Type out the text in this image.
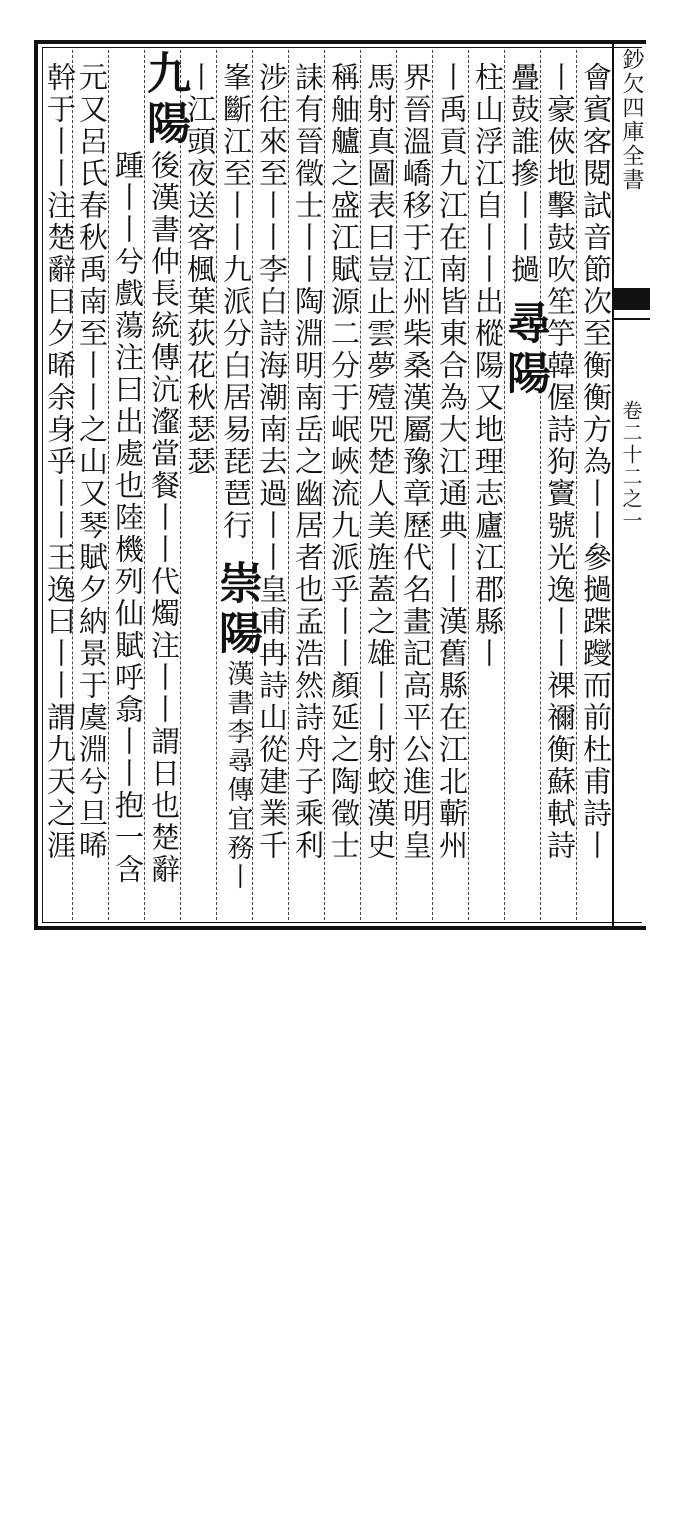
鈔欠四庫全書
卷二十二之一
會賓客閱試音節次至衡衡方為丨丨參撾蹀躞而前杜甫詩丨
丨豪俠地擊鼓吹笙竽韓偓詩狗竇號光逸丨丨祼禰衡蘇軾詩
疊鼓誰摻丨丨撾
尋陽
柱山浮江自丨丨出樅陽又地理志廬江郡縣丨
丨禹貢九江在南皆東合為大江通典丨丨漢舊縣在江北蘄州
界晉溫嶠移于江州柴桑漢屬豫章歷代名畫記高平公進明皇
馬射真圖表曰豈止雲夢殪兕楚人美旌蓋之雄丨丨射蛟漢史
稱舳艫之盛江賦源二分于岷峽流九派乎丨丨顏延之陶徵士
誄有晉徵士丨丨陶淵明南岳之幽居者也孟浩然詩舟子乘利
涉往來至丨丨李白詩海潮南去過丨丨皇甫冉詩山從建業千
峯斷江至丨丨九派分白居易琵琶行
崇陽
丨江頭夜送客楓葉荻花秋瑟瑟
漢書李尋傳宜務丨
九陽
後漢書仲長統傳沆瀣當餐丨丨代燭注丨丨謂日也楚辭
踵丨丨兮戲蕩注曰出處也陸機列仙賦呼翕丨丨抱一含
元又呂氏春秋禹南至丨丨之山又琴賦夕納景于虞淵兮旦晞
幹于丨丨注楚辭曰夕晞余身乎丨丨王逸曰丨丨謂九天之涯
